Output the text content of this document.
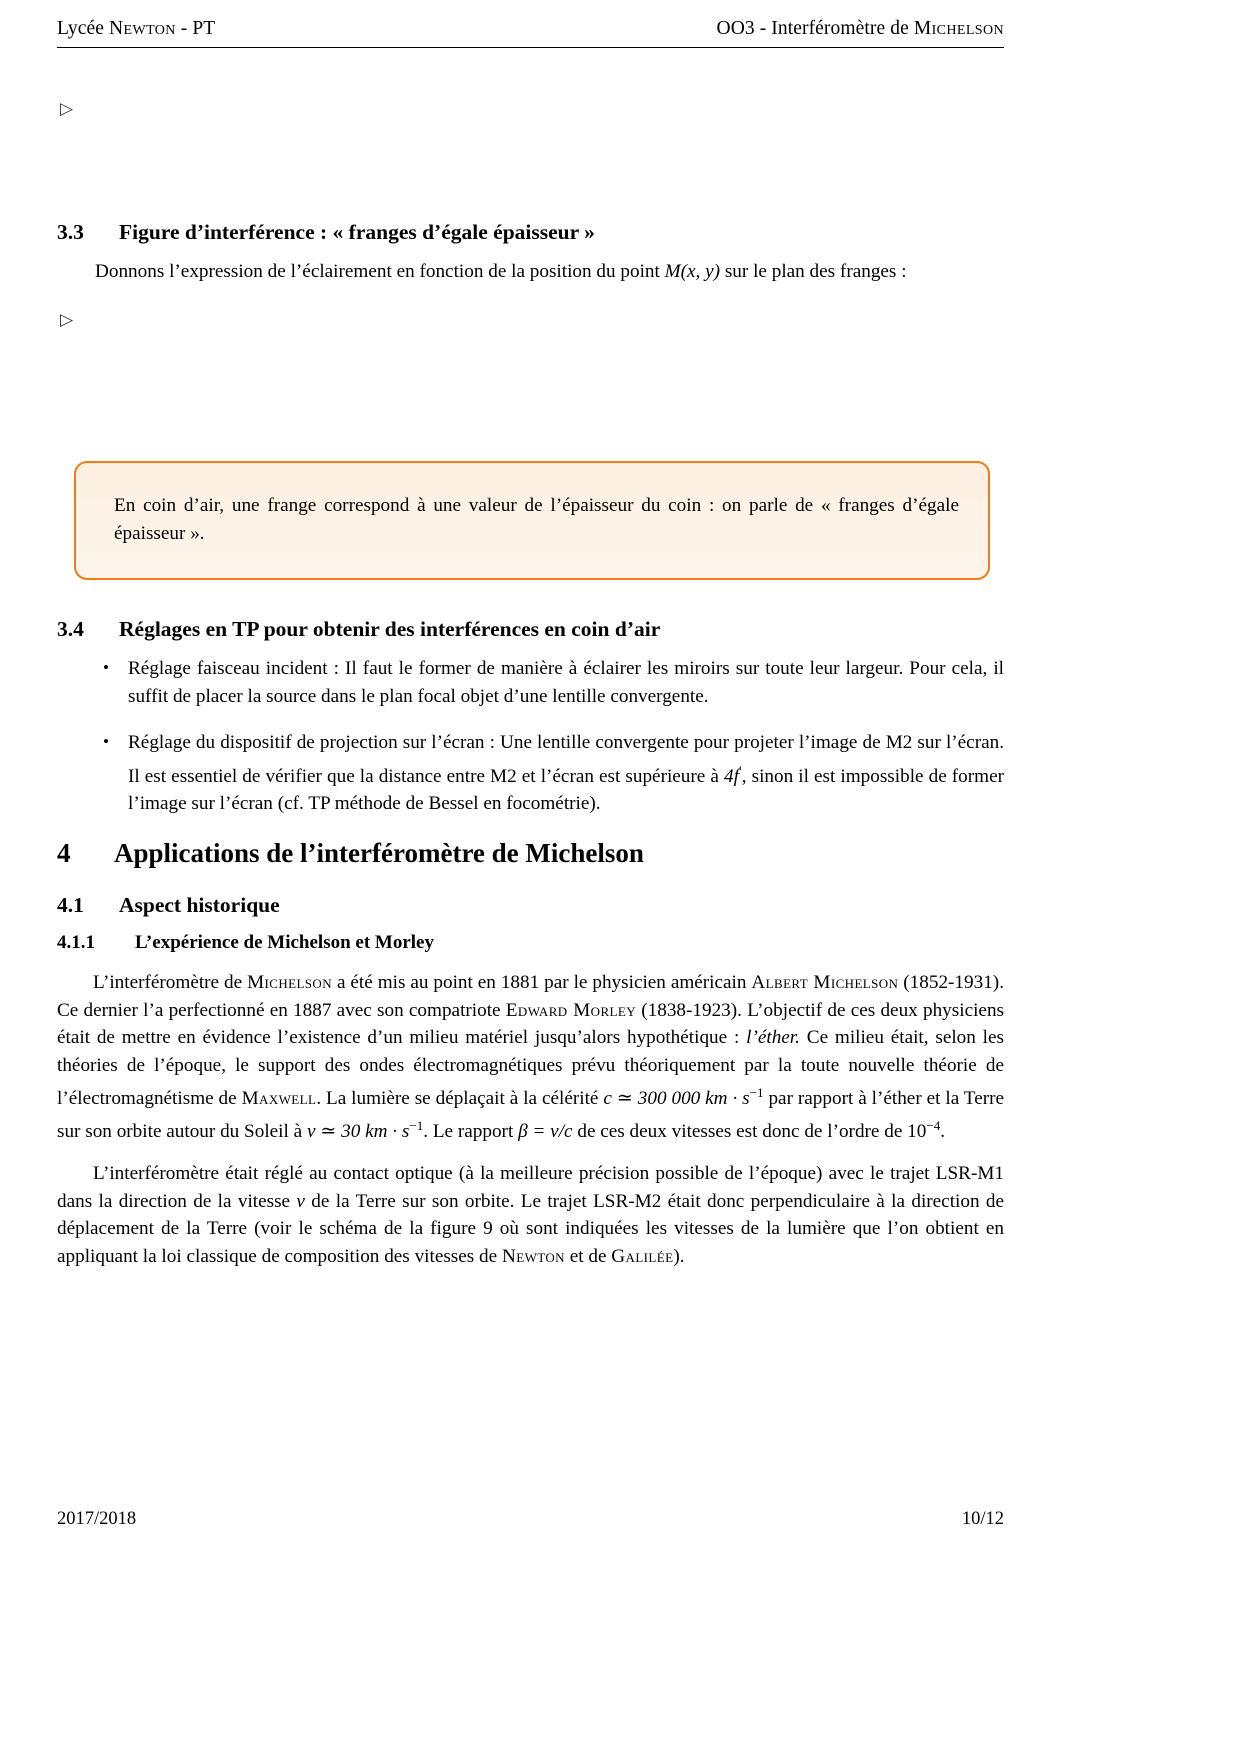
Lycée Newton - PT	OO3 - Interféromètre de Michelson
▷
3.3 Figure d’interférence : « franges d’égale épaisseur »
Donnons l’expression de l’éclairement en fonction de la position du point M(x, y) sur le plan des franges :
▷
En coin d’air, une frange correspond à une valeur de l’épaisseur du coin : on parle de « franges d’égale épaisseur ».
3.4 Réglages en TP pour obtenir des interférences en coin d’air
• Réglage faisceau incident : Il faut le former de manière à éclairer les miroirs sur toute leur largeur. Pour cela, il suffit de placer la source dans le plan focal objet d’une lentille convergente.
• Réglage du dispositif de projection sur l’écran : Une lentille convergente pour projeter l’image de M2 sur l’écran. Il est essentiel de vérifier que la distance entre M2 et l’écran est supérieure à 4f′, sinon il est impossible de former l’image sur l’écran (cf. TP méthode de Bessel en focométrie).
4 Applications de l’interféromètre de Michelson
4.1 Aspect historique
4.1.1 L’expérience de Michelson et Morley
L’interféromètre de Michelson a été mis au point en 1881 par le physicien américain Albert Michelson (1852-1931). Ce dernier l’a perfectionné en 1887 avec son compatriote Edward Morley (1838-1923). L’objectif de ces deux physiciens était de mettre en évidence l’existence d’un milieu matériel jusqu’alors hypothétique : l’éther. Ce milieu était, selon les théories de l’époque, le support des ondes électromagnétiques prévu théoriquement par la toute nouvelle théorie de l’électromagnétisme de Maxwell. La lumière se déplaçait à la célérité c ≃ 300 000 km · $s^{-1}$ par rapport à l’éther et la Terre sur son orbite autour du Soleil à v ≃ 30 km · $s^{-1}$. Le rapport β = v/c de ces deux vitesses est donc de l’ordre de $10^{-4}$.
L’interféromètre était réglé au contact optique (à la meilleure précision possible de l’époque) avec le trajet LSR-M1 dans la direction de la vitesse v de la Terre sur son orbite. Le trajet LSR-M2 était donc perpendiculaire à la direction de déplacement de la Terre (voir le schéma de la figure 9 où sont indiquées les vitesses de la lumière que l’on obtient en appliquant la loi classique de composition des vitesses de Newton et de Galilée).
2017/2018	10/12
